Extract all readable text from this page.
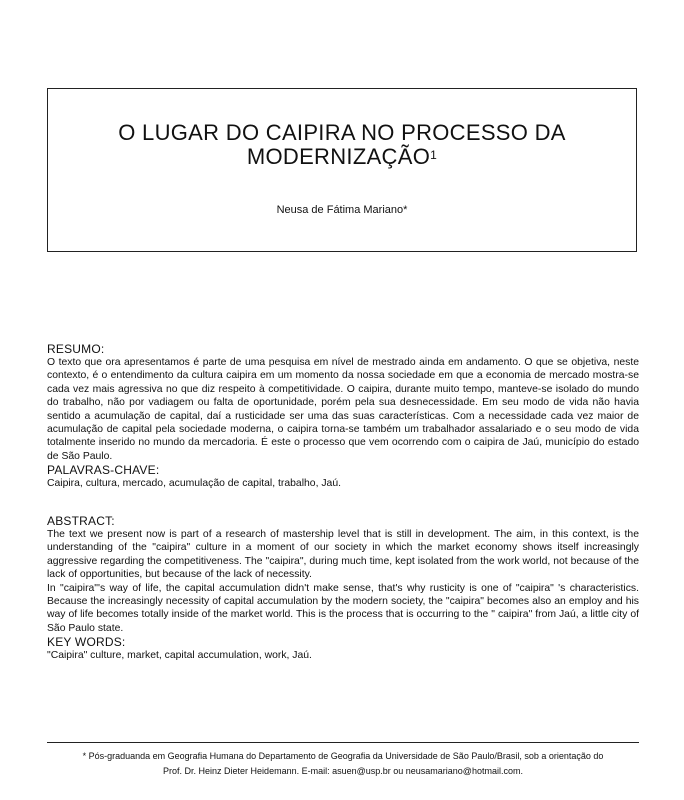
O LUGAR DO CAIPIRA NO PROCESSO DA
MODERNIZAÇÃO$^1$
Neusa de Fátima Mariano*
RESUMO:
O texto que ora apresentamos é parte de uma pesquisa em nível de mestrado ainda em andamento. O que se objetiva, neste contexto, é o entendimento da cultura caipira em um momento da nossa sociedade em que a economia de mercado mostra-se cada vez mais agressiva no que diz respeito à competitividade. O caipira, durante muito tempo, manteve-se isolado do mundo do trabalho, não por vadiagem ou falta de oportunidade, porém pela sua desnecessidade. Em seu modo de vida não havia sentido a acumulação de capital, daí a rusticidade ser uma das suas características. Com a necessidade cada vez maior de acumulação de capital pela sociedade moderna, o caipira torna-se também um trabalhador assalariado e o seu modo de vida totalmente inserido no mundo da mercadoria. É este o processo que vem ocorrendo com o caipira de Jaú, município do estado de São Paulo.
PALAVRAS-CHAVE:
Caipira, cultura, mercado, acumulação de capital, trabalho, Jaú.
ABSTRACT:
The text we present now is part of a research of mastership level that is still in development. The aim, in this context, is the understanding of the "caipira" culture in a moment of our society in which the market economy shows itself increasingly aggressive regarding the competitiveness. The "caipira", during much time, kept isolated from the work world, not because of the lack of opportunities, but because of the lack of necessity.
In "caipira"'s way of life, the capital accumulation didn't make sense, that's why rusticity is one of "caipira" 's characteristics. Because the increasingly necessity of capital accumulation by the modern society, the "caipira" becomes also an employ and his way of life becomes totally inside of the market world. This is the process that is occurring to the " caipira" from Jaú, a little city of São Paulo state.
KEY WORDS:
"Caipira" culture, market, capital accumulation, work, Jaú.
* Pós-graduanda em Geografia Humana do Departamento de Geografia da Universidade de São Paulo/Brasil, sob a orientação do
Prof. Dr. Heinz Dieter Heidemann. E-mail: asuen@usp.br ou neusamariano@hotmail.com.
